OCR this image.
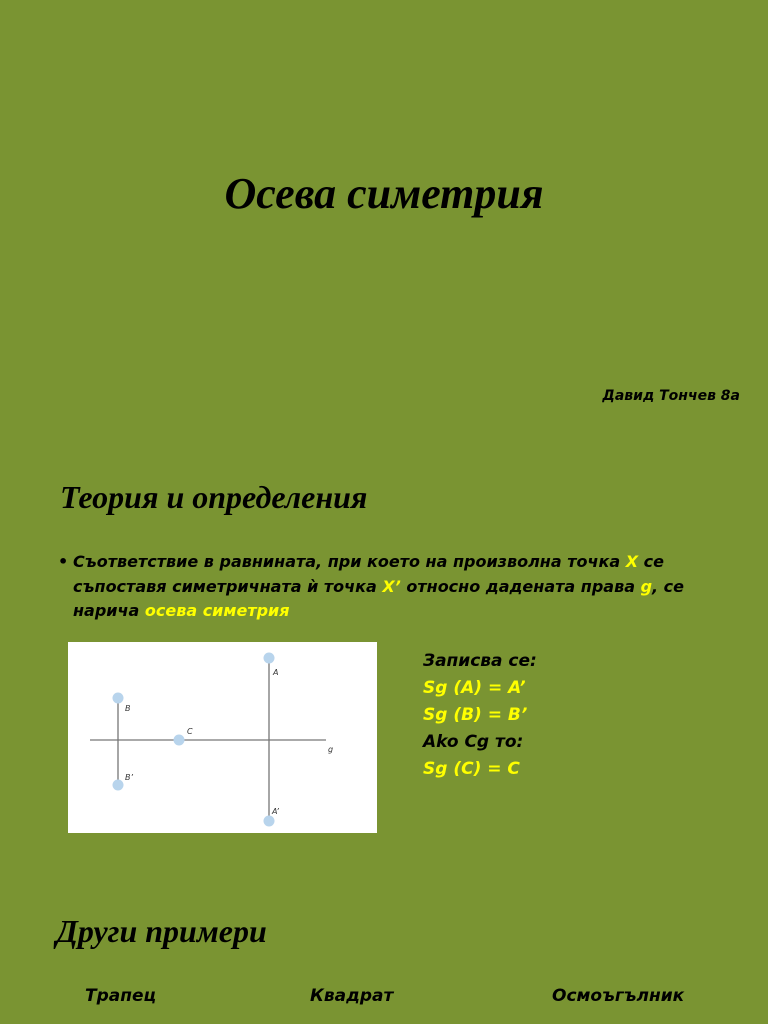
Осева симетрия
Давид Тончев 8а
Теория и определения
• Съответствие в равнината, при което на произволна точка X се съпоставя симетричната ѝ точка X’ относно дадената права g, се нарича осева симетрия
A
A’
B
B’
C
g
Записва се:
Sg (A) = A’
Sg (B) = B’
Ako Cg то:
Sg (C) = C
Други примери
Трапец	Квадрат	Осмоъгълник
